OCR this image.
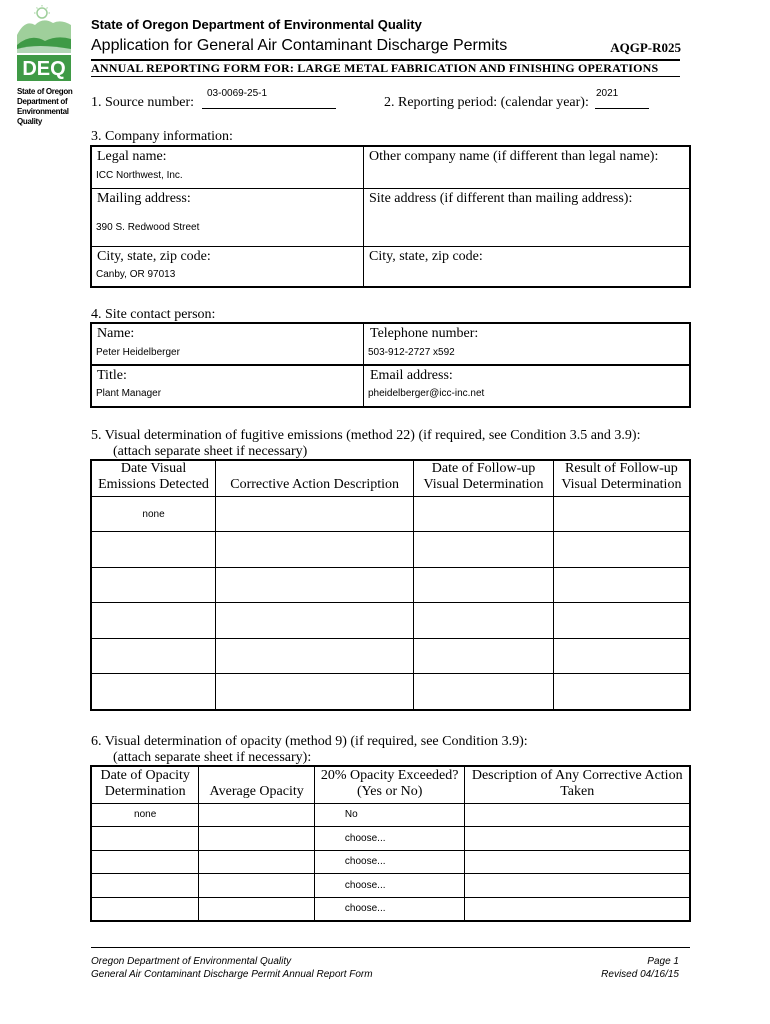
DEQ
State of Oregon
Department of
Environmental
Quality
State of Oregon Department of Environmental Quality
Application for General Air Contaminant Discharge Permits	AQGP-R025
ANNUAL REPORTING FORM FOR: LARGE METAL FABRICATION AND FINISHING OPERATIONS
1. Source number:
03-0069-25-1
2. Reporting period: (calendar year):
2021
3. Company information:
Legal name:
ICC Northwest, Inc.
Other company name (if different than legal name):
Mailing address:
390 S. Redwood Street
Site address (if different than mailing address):
City, state, zip code:
Canby, OR 97013
City, state, zip code:
4. Site contact person:
Name:
Peter Heidelberger
Telephone number:
503-912-2727 x592
Title:
Plant Manager
Email address:
pheidelberger@icc-inc.net
5. Visual determination of fugitive emissions (method 22) (if required, see Condition 3.5 and 3.9):
(attach separate sheet if necessary)
Date Visual Emissions Detected	Corrective Action Description	Date of Follow-up Visual Determination	Result of Follow-up Visual Determination
none			

6. Visual determination of opacity (method 9) (if required, see Condition 3.9):
(attach separate sheet if necessary):
Date of Opacity Determination	Average Opacity	20% Opacity Exceeded? (Yes or No)	Description of Any Corrective Action Taken
none		No	
		choose...	
		choose...	
		choose...	
		choose...	
Oregon Department of Environmental Quality
General Air Contaminant Discharge Permit Annual Report Form
Page 1
Revised 04/16/15
